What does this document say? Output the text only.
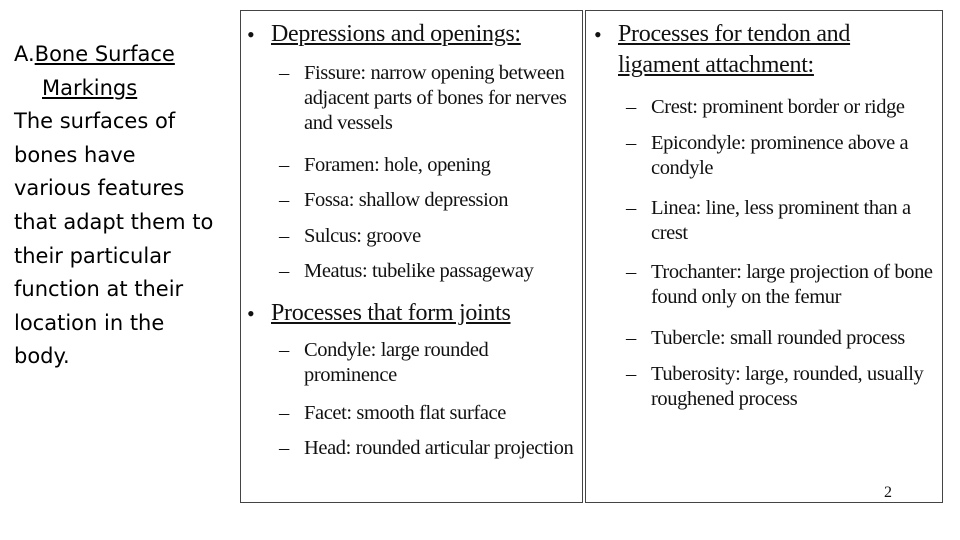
A.Bone Surface
Markings
The surfaces of bones have various features that adapt them to their particular function at their location in the body.
• Depressions and openings:
– Fissure: narrow opening between adjacent parts of bones for nerves and vessels
– Foramen: hole, opening
– Fossa: shallow depression
– Sulcus: groove
– Meatus: tubelike passageway
• Processes that form joints
– Condyle: large rounded prominence
– Facet: smooth flat surface
– Head: rounded articular projection
• Processes for tendon and ligament attachment:
– Crest: prominent border or ridge
– Epicondyle: prominence above a condyle
– Linea: line, less prominent than a crest
– Trochanter: large projection of bone found only on the femur
– Tubercle: small rounded process
– Tuberosity: large, rounded, usually roughened process
2
